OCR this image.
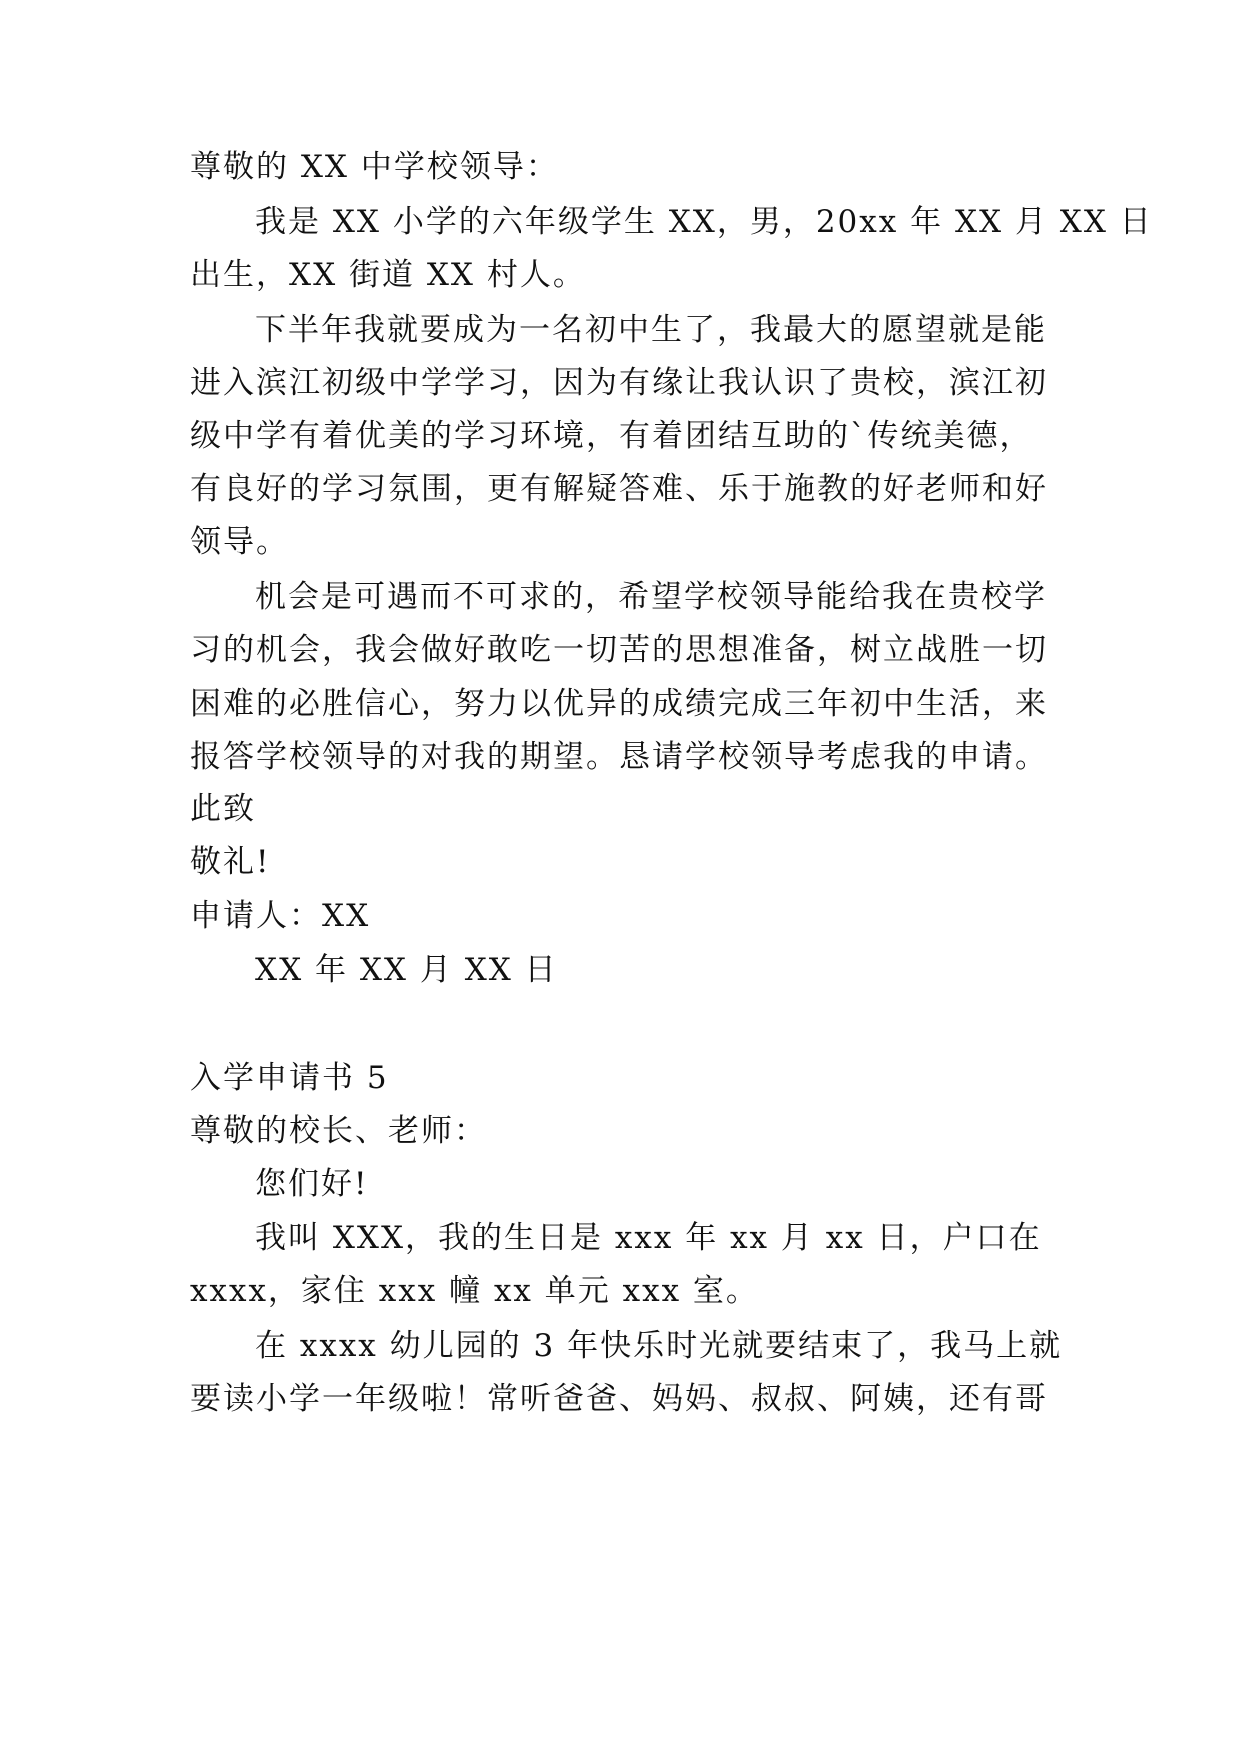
尊敬的 XX 中学校领导：
我是 XX 小学的六年级学生 XX，男，20xx 年 XX 月 XX 日
出生，XX 街道 XX 村人。
下半年我就要成为一名初中生了，我最大的愿望就是能
进入滨江初级中学学习，因为有缘让我认识了贵校，滨江初
级中学有着优美的学习环境，有着团结互助的`传统美德，
有良好的学习氛围，更有解疑答难、乐于施教的好老师和好
领导。
机会是可遇而不可求的，希望学校领导能给我在贵校学
习的机会，我会做好敢吃一切苦的思想准备，树立战胜一切
困难的必胜信心，努力以优异的成绩完成三年初中生活，来
报答学校领导的对我的期望。恳请学校领导考虑我的申请。
此致
敬礼!
申请人：XX
XX 年 XX 月 XX 日
入学申请书 5
尊敬的校长、老师：
您们好!
我叫 XXX，我的生日是 xxx 年 xx 月 xx 日，户口在
xxxx，家住 xxx 幢 xx 单元 xxx 室。
在 xxxx 幼儿园的 3 年快乐时光就要结束了，我马上就
要读小学一年级啦！常听爸爸、妈妈、叔叔、阿姨，还有哥
